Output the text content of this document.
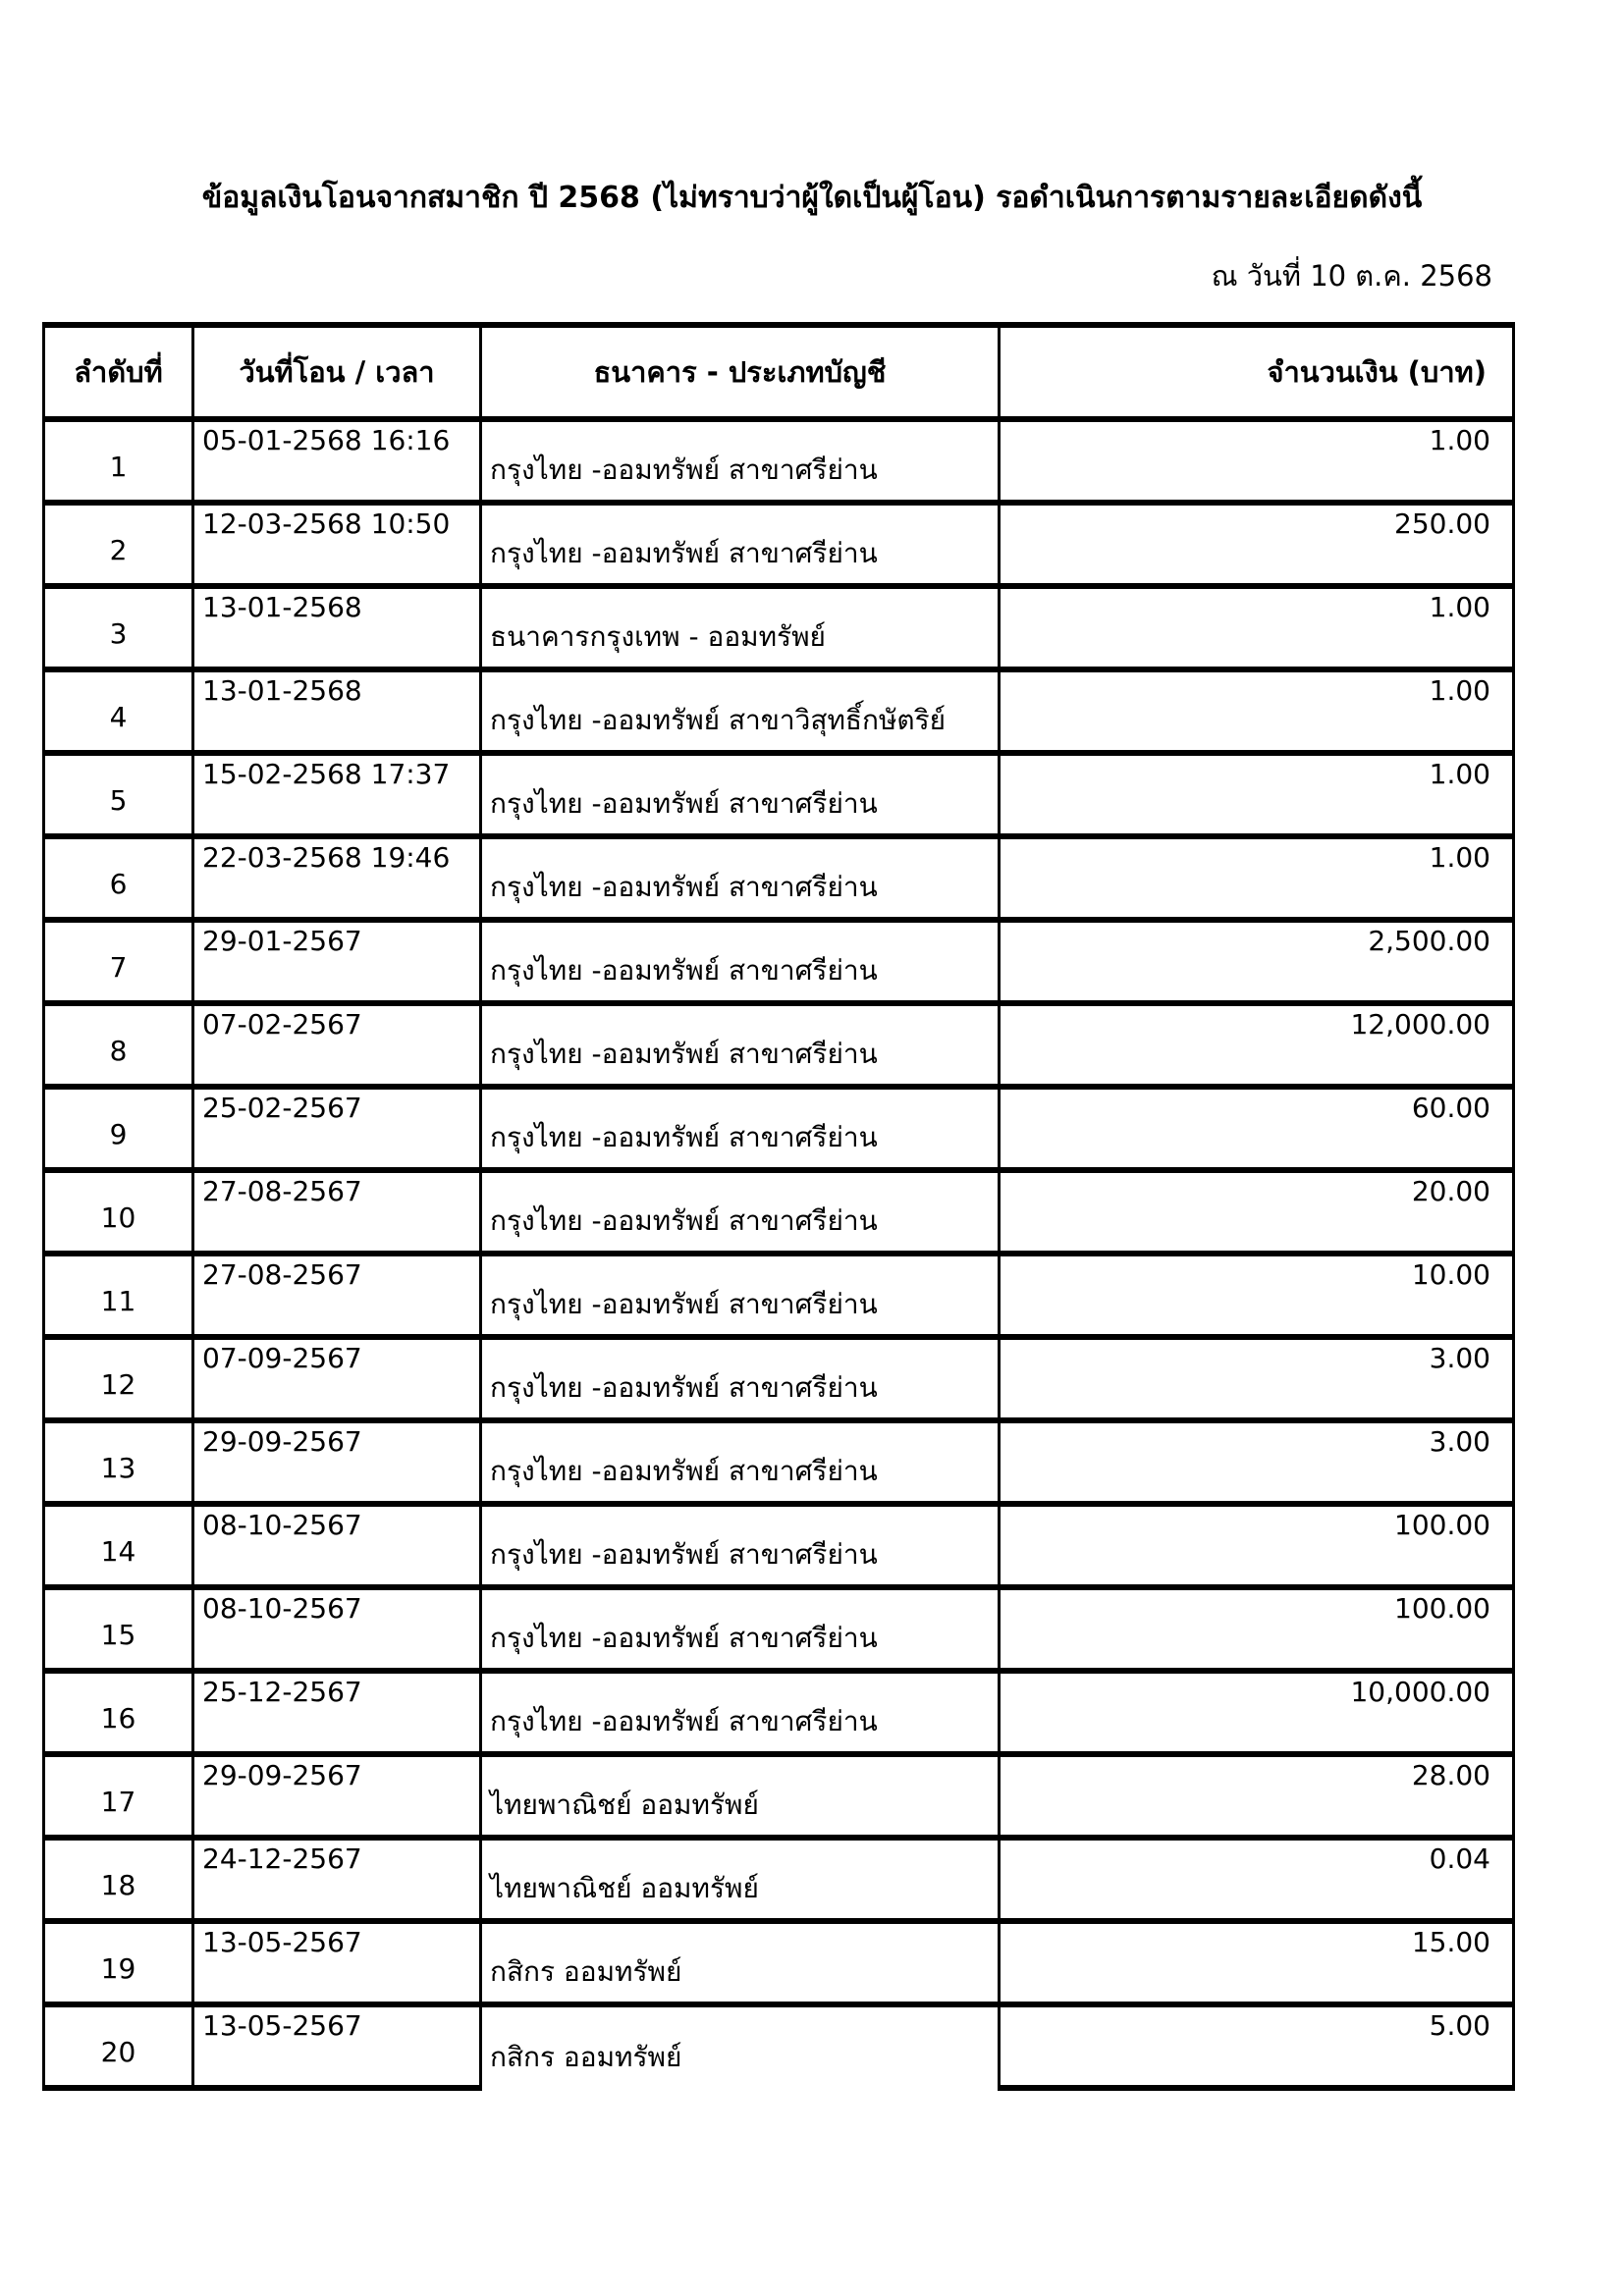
ข้อมูลเงินโอนจากสมาชิก ปี 2568 (ไม่ทราบว่าผู้ใดเป็นผู้โอน) รอดำเนินการตามรายละเอียดดังนี้
ณ วันที่ 10 ต.ค. 2568
ลำดับที่	วันที่โอน / เวลา	ธนาคาร - ประเภทบัญชี	จำนวนเงิน (บาท)
1	05-01-2568 16:16	กรุงไทย -ออมทรัพย์ สาขาศรีย่าน	1.00
2	12-03-2568 10:50	กรุงไทย -ออมทรัพย์ สาขาศรีย่าน	250.00
3	13-01-2568	ธนาคารกรุงเทพ - ออมทรัพย์	1.00
4	13-01-2568	กรุงไทย -ออมทรัพย์ สาขาวิสุทธิ์กษัตริย์	1.00
5	15-02-2568 17:37	กรุงไทย -ออมทรัพย์ สาขาศรีย่าน	1.00
6	22-03-2568 19:46	กรุงไทย -ออมทรัพย์ สาขาศรีย่าน	1.00
7	29-01-2567	กรุงไทย -ออมทรัพย์ สาขาศรีย่าน	2,500.00
8	07-02-2567	กรุงไทย -ออมทรัพย์ สาขาศรีย่าน	12,000.00
9	25-02-2567	กรุงไทย -ออมทรัพย์ สาขาศรีย่าน	60.00
10	27-08-2567	กรุงไทย -ออมทรัพย์ สาขาศรีย่าน	20.00
11	27-08-2567	กรุงไทย -ออมทรัพย์ สาขาศรีย่าน	10.00
12	07-09-2567	กรุงไทย -ออมทรัพย์ สาขาศรีย่าน	3.00
13	29-09-2567	กรุงไทย -ออมทรัพย์ สาขาศรีย่าน	3.00
14	08-10-2567	กรุงไทย -ออมทรัพย์ สาขาศรีย่าน	100.00
15	08-10-2567	กรุงไทย -ออมทรัพย์ สาขาศรีย่าน	100.00
16	25-12-2567	กรุงไทย -ออมทรัพย์ สาขาศรีย่าน	10,000.00
17	29-09-2567	ไทยพาณิชย์ ออมทรัพย์	28.00
18	24-12-2567	ไทยพาณิชย์ ออมทรัพย์	0.04
19	13-05-2567	กสิกร ออมทรัพย์	15.00
20	13-05-2567	กสิกร ออมทรัพย์	5.00
